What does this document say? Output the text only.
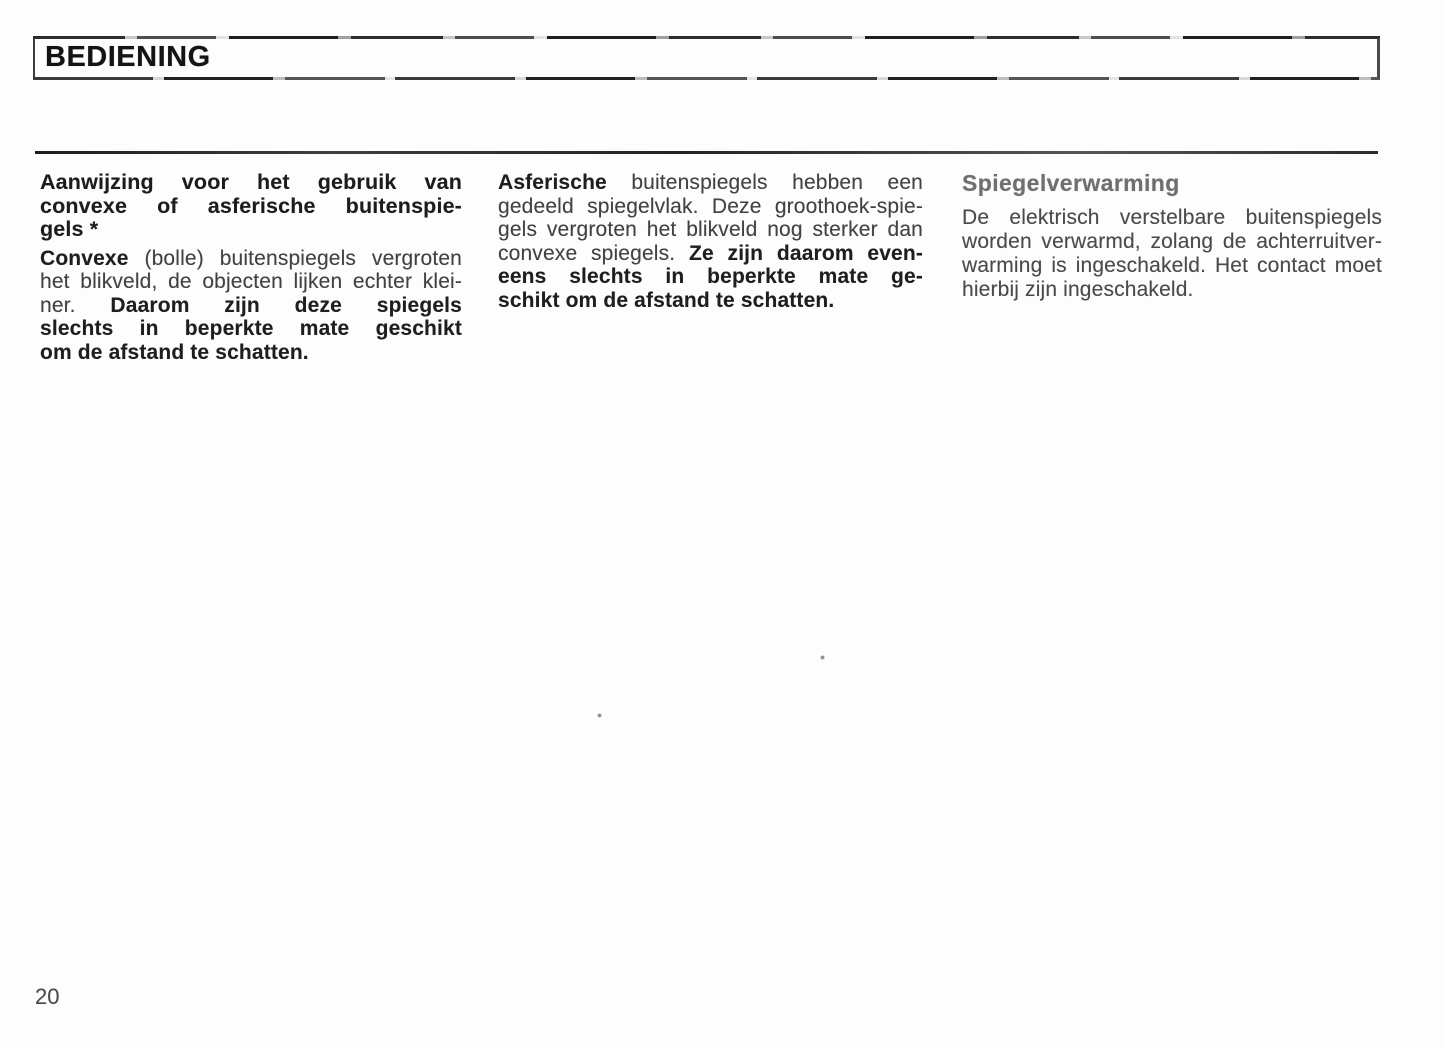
BEDIENING
Aanwijzing voor het gebruik van
convexe of asferische buitenspie-
gels *
Convexe (bolle) buitenspiegels vergroten
het blikveld, de objecten lijken echter klei-
ner. Daarom zijn deze spiegels
slechts in beperkte mate geschikt
om de afstand te schatten.
Asferische buitenspiegels hebben een
gedeeld spiegelvlak. Deze groothoek-spie-
gels vergroten het blikveld nog sterker dan
convexe spiegels. Ze zijn daarom even-
eens slechts in beperkte mate ge-
schikt om de afstand te schatten.
Spiegelverwarming
De elektrisch verstelbare buitenspiegels
worden verwarmd, zolang de achterruitver-
warming is ingeschakeld. Het contact moet
hierbij zijn ingeschakeld.
20
